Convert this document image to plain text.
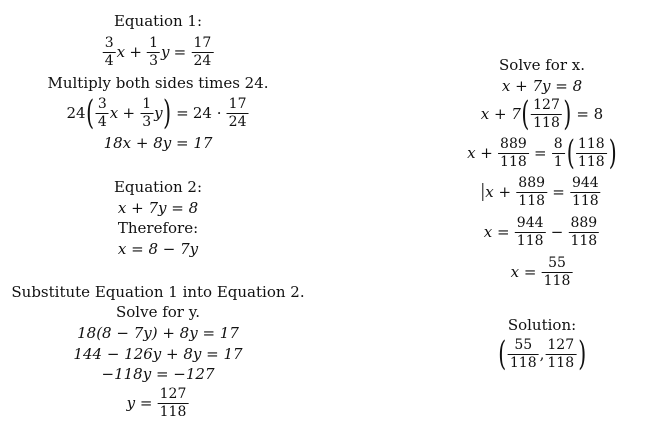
Equation 1:
$\frac{3}{4}$ $x + \frac{1}{3}$ $y = \frac{17}{24}$
Multiply both sides times 24.
24 ( $\frac{3}{4}$ $x + \frac{1}{3}$ y ) = $24 \cdot \frac{17}{24}$
18x + 8y = 17
Equation 2:
x + 7y = 8
Therefore:
x = 8 − 7y
Substitute Equation 1 into Equation 2.
Solve for y.
18(8 − 7y) + 8y = 17
144 − 126y + 8y = 17
−118y = −127
$y = \frac{127}{118}$
Solve for x.
x + 7y = 8
x + 7 ( $\frac{127}{118}$ ) = 8
$x + \frac{889}{118} = \frac{8}{1}$ ( $\frac{118}{118}$ )
$x + \frac{889}{118} = \frac{944}{118}$
$x = \frac{944}{118} - \frac{889}{118}$
$x = \frac{55}{118}$
Solution:
( $\frac{55}{118}$ , $\frac{127}{118}$ )
